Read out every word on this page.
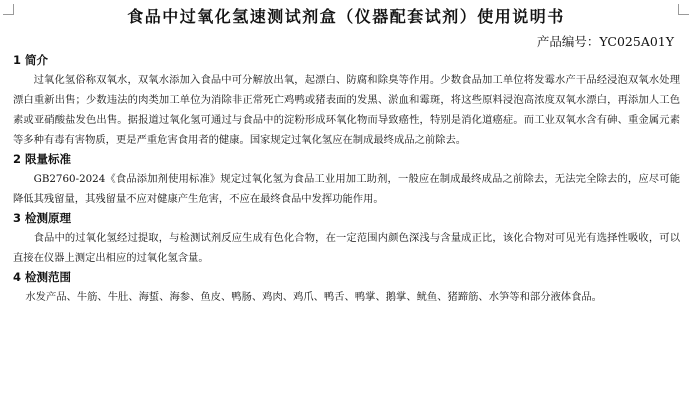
食品中过氧化氢速测试剂盒（仪器配套试剂）使用说明书
产品编号：YC025A01Y

1 简介

过氧化氢俗称双氧水，双氧水添加入食品中可分解放出氧，起漂白、防腐和除臭等作用。少数食品加工单位将发霉水产干品经浸泡双氧水处理漂白重新出售；少数违法的肉类加工单位为消除非正常死亡鸡鸭或猪表面的发黑、淤血和霉斑，将这些原料浸泡高浓度双氧水漂白，再添加人工色素或亚硝酸盐发色出售。据报道过氧化氢可通过与食品中的淀粉形成环氧化物而导致癌性，特别是消化道癌症。而工业双氧水含有砷、重金属元素等多种有毒有害物质，更是严重危害食用者的健康。国家规定过氧化氢应在制成最终成品之前除去。

2 限量标准

GB2760-2024《食品添加剂使用标准》规定过氧化氢为食品工业用加工助剂，一般应在制成最终成品之前除去，无法完全除去的，应尽可能降低其残留量，其残留量不应对健康产生危害，不应在最终食品中发挥功能作用。

3 检测原理

食品中的过氧化氢经过提取，与检测试剂反应生成有色化合物，在一定范围内颜色深浅与含量成正比，该化合物对可见光有选择性吸收，可以直接在仪器上测定出相应的过氧化氢含量。

4 检测范围

水发产品、牛筋、牛肚、海蜇、海参、鱼皮、鸭肠、鸡肉、鸡爪、鸭舌、鸭掌、鹅掌、鱿鱼、猪蹄筋、水笋等和部分液体食品。
